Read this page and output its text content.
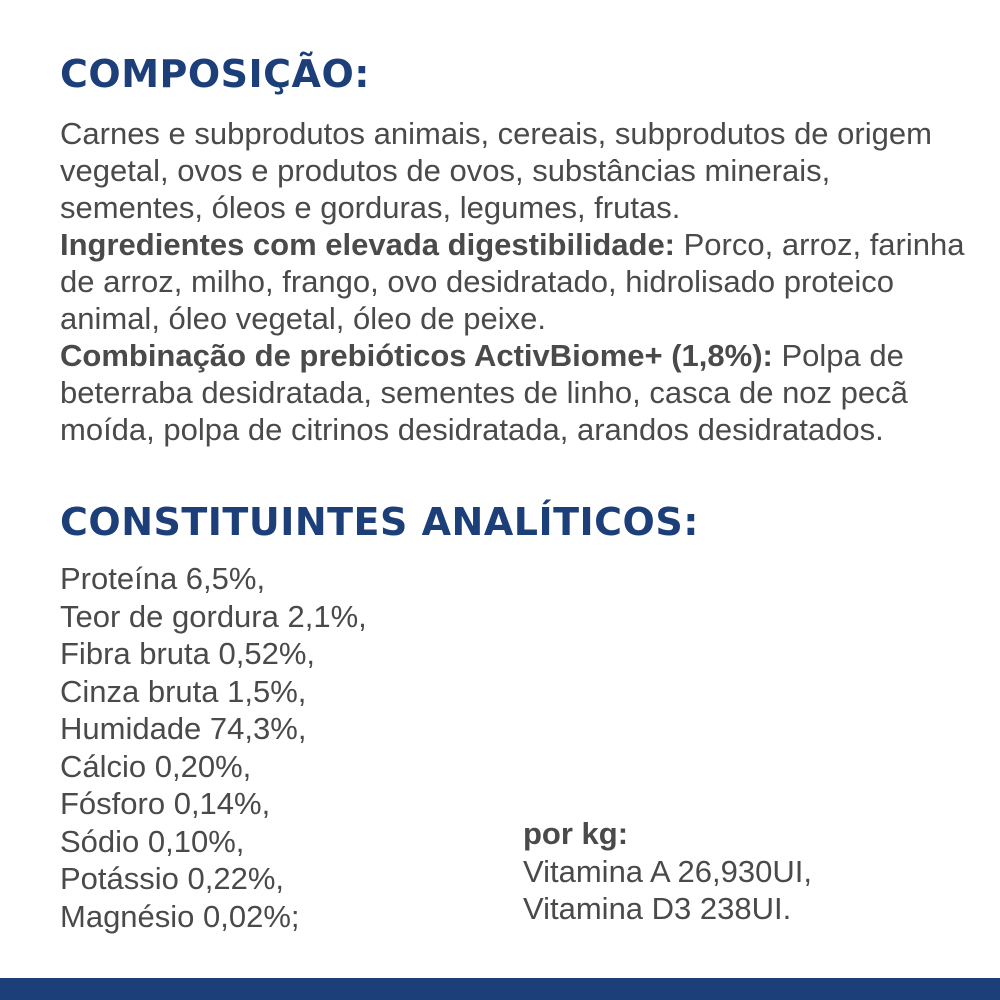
COMPOSIÇÃO:
Carnes e subprodutos animais, cereais, subprodutos de origem vegetal, ovos e produtos de ovos, substâncias minerais, sementes, óleos e gorduras, legumes, frutas.
Ingredientes com elevada digestibilidade: Porco, arroz, farinha de arroz, milho, frango, ovo desidratado, hidrolisado proteico animal, óleo vegetal, óleo de peixe.
Combinação de prebióticos ActivBiome+ (1,8%): Polpa de beterraba desidratada, sementes de linho, casca de noz pecã moída, polpa de citrinos desidratada, arandos desidratados.
CONSTITUINTES ANALÍTICOS:
Proteína 6,5%,
Teor de gordura 2,1%,
Fibra bruta 0,52%,
Cinza bruta 1,5%,
Humidade 74,3%,
Cálcio 0,20%,
Fósforo 0,14%,
Sódio 0,10%,
Potássio 0,22%,
Magnésio 0,02%;
por kg:
Vitamina A 26,930UI,
Vitamina D3 238UI.
